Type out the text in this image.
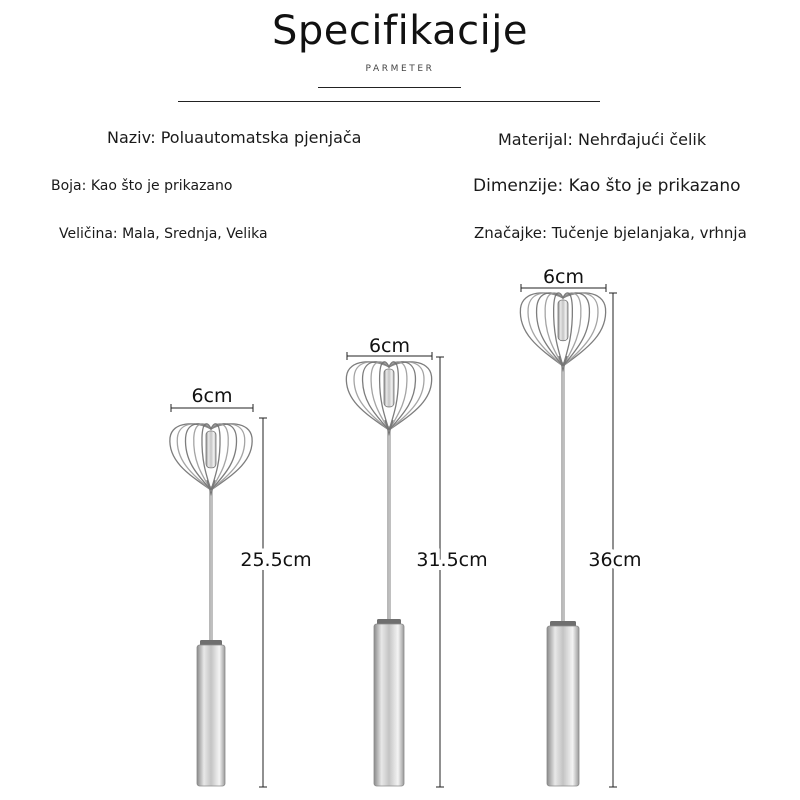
Specifikacije
PARMETER
Naziv: Poluautomatska pjenjača
Boja: Kao što je prikazano
Veličina: Mala, Srednja, Velika
Materijal: Nehrđajući čelik
Dimenzije: Kao što je prikazano
Značajke: Tučenje bjelanjaka, vrhnja
6cm
25.5cm
6cm
31.5cm
6cm
36cm
